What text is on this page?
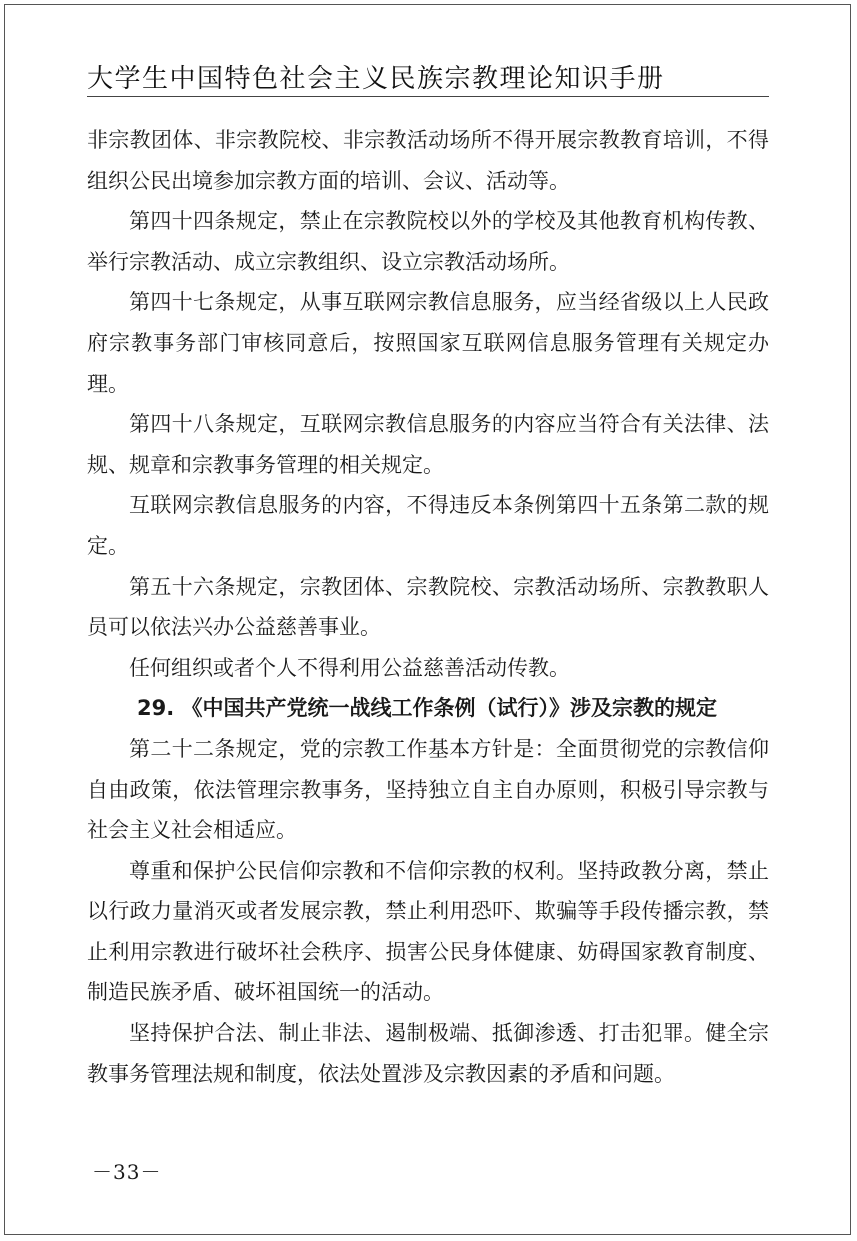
大学生中国特色社会主义民族宗教理论知识手册

非宗教团体、非宗教院校、非宗教活动场所不得开展宗教教育培训，不得组织公民出境参加宗教方面的培训、会议、活动等。

第四十四条规定，禁止在宗教院校以外的学校及其他教育机构传教、举行宗教活动、成立宗教组织、设立宗教活动场所。

第四十七条规定，从事互联网宗教信息服务，应当经省级以上人民政府宗教事务部门审核同意后，按照国家互联网信息服务管理有关规定办理。

第四十八条规定，互联网宗教信息服务的内容应当符合有关法律、法规、规章和宗教事务管理的相关规定。

互联网宗教信息服务的内容，不得违反本条例第四十五条第二款的规定。

第五十六条规定，宗教团体、宗教院校、宗教活动场所、宗教教职人员可以依法兴办公益慈善事业。

任何组织或者个人不得利用公益慈善活动传教。

29. 《中国共产党统一战线工作条例（试行）》涉及宗教的规定

第二十二条规定，党的宗教工作基本方针是：全面贯彻党的宗教信仰自由政策，依法管理宗教事务，坚持独立自主自办原则，积极引导宗教与社会主义社会相适应。

尊重和保护公民信仰宗教和不信仰宗教的权利。坚持政教分离，禁止以行政力量消灭或者发展宗教，禁止利用恐吓、欺骗等手段传播宗教，禁止利用宗教进行破坏社会秩序、损害公民身体健康、妨碍国家教育制度、制造民族矛盾、破坏祖国统一的活动。

坚持保护合法、制止非法、遏制极端、抵御渗透、打击犯罪。健全宗教事务管理法规和制度，依法处置涉及宗教因素的矛盾和问题。

－33－
